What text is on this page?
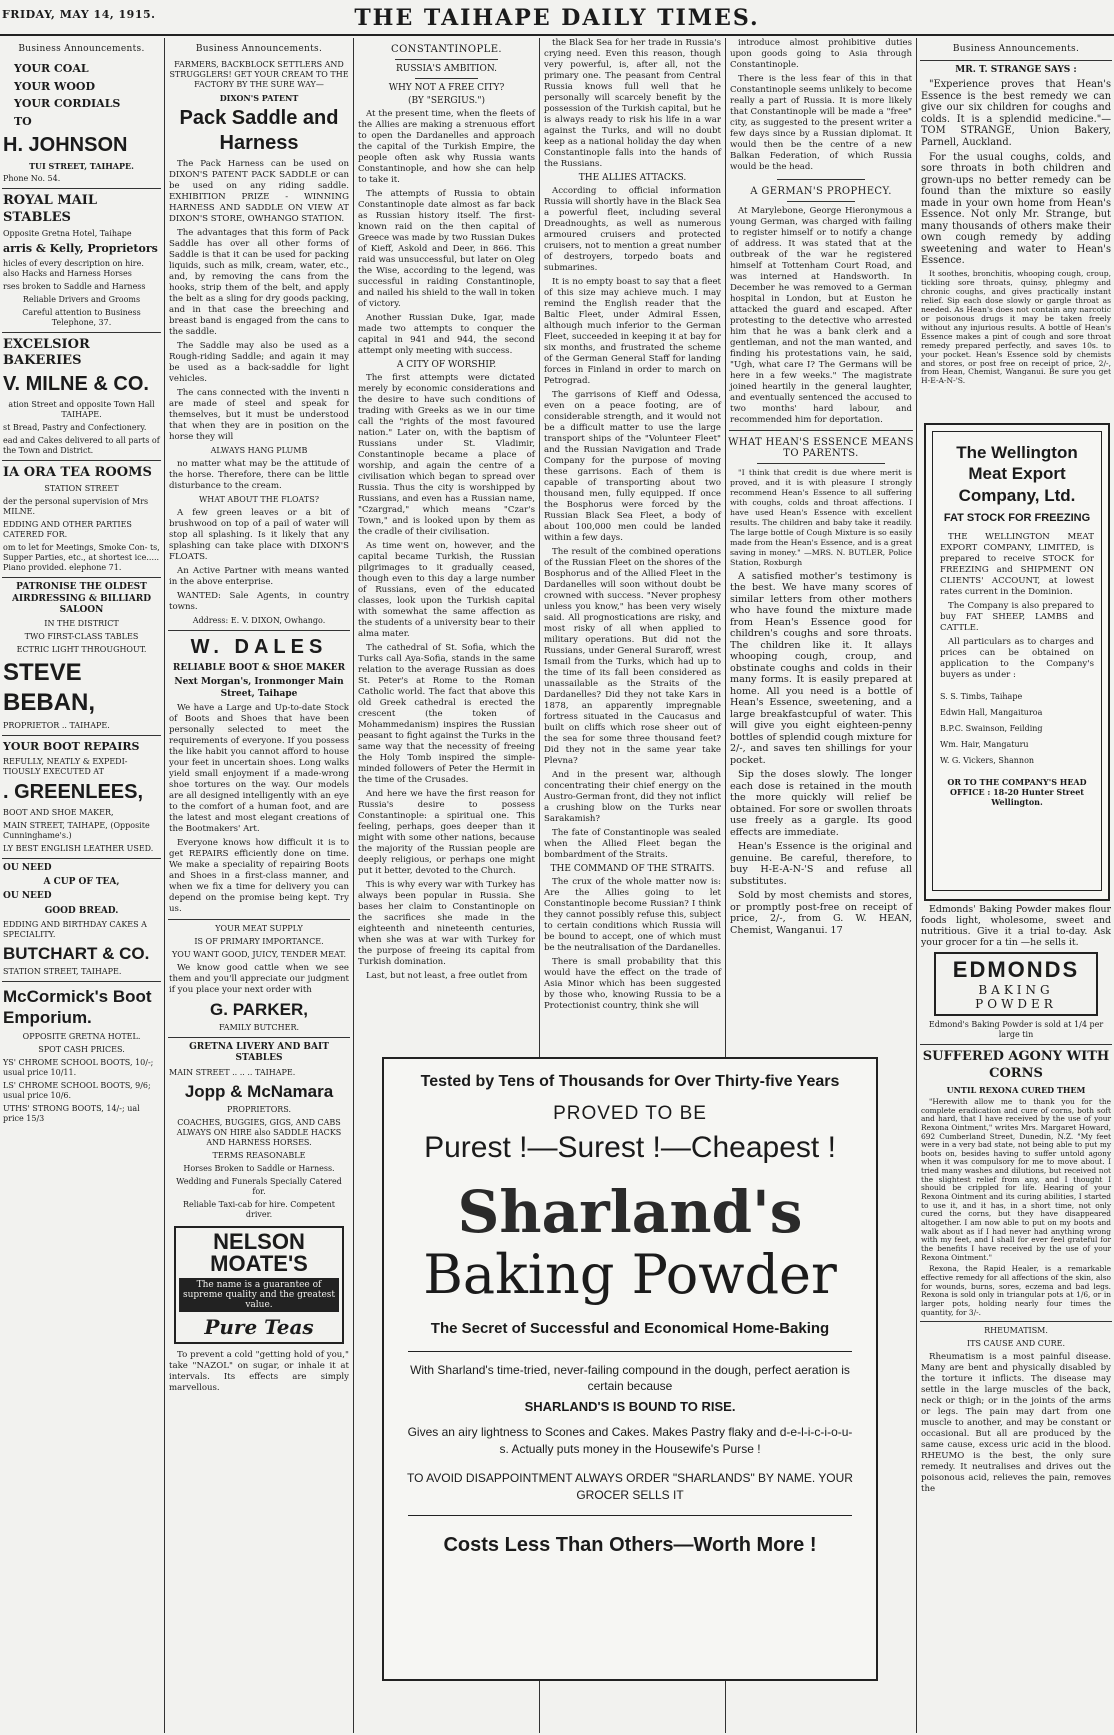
FRIDAY, MAY 14, 1915.	THE TAIHAPE DAILY TIMES.
Business Announcements.
YOUR COAL
YOUR WOOD
YOUR CORDIALS
TO
H. JOHNSON
TUI STREET, TAIHAPE.
Phone No. 54.
ROYAL MAIL STABLES
Opposite Gretna Hotel, Taihape
arris & Kelly, Proprietors
hicles of every description on hire. also Hacks and Harness Horses
rses broken to Saddle and Harness
Reliable Drivers and Grooms
Careful attention to Business Telephone, 37.
EXCELSIOR BAKERIES
V. MILNE & CO.
ation Street and opposite Town Hall TAIHAPE.
st Bread, Pastry and Confectionery.
ead and Cakes delivered to all parts of the Town and District.
IA ORA TEA ROOMS
STATION STREET
der the personal supervision of Mrs MILNE.
EDDING AND OTHER PARTIES CATERED FOR.
om to let for Meetings, Smoke Con- ts, Supper Parties, etc., at shortest ice..... Piano provided. elephone 71.
PATRONISE THE OLDEST AIRDRESSING & BILLIARD SALOON
IN THE DISTRICT
TWO FIRST-CLASS TABLES
ECTRIC LIGHT THROUGHOUT.
STEVE BEBAN,
PROPRIETOR .. TAIHAPE.
YOUR BOOT REPAIRS
REFULLY, NEATLY & EXPEDI- TIOUSLY EXECUTED AT
. GREENLEES,
BOOT AND SHOE MAKER,
MAIN STREET, TAIHAPE, (Opposite Cunninghame's.)
LY BEST ENGLISH LEATHER USED.
OU NEED
A CUP OF TEA,
OU NEED
GOOD BREAD.
EDDING AND BIRTHDAY CAKES A SPECIALITY.
BUTCHART & CO.
STATION STREET, TAIHAPE.
McCormick's Boot Emporium.
OPPOSITE GRETNA HOTEL.
SPOT CASH PRICES.
YS' CHROME SCHOOL BOOTS, 10/-; usual price 10/11.
LS' CHROME SCHOOL BOOTS, 9/6; usual price 10/6.
UTHS' STRONG BOOTS, 14/-; ual price 15/3
Business Announcements.
FARMERS, BACKBLOCK SETTLERS AND STRUGGLERS! GET YOUR CREAM TO THE FACTORY BY THE SURE WAY—
DIXON'S PATENT
Pack Saddle and Harness
The Pack Harness can be used on DIXON'S PATENT PACK SADDLE or can be used on any riding saddle. EXHIBITION PRIZE - WINNING HARNESS AND SADDLE ON VIEW AT DIXON'S STORE, OWHANGO STATION.
The advantages that this form of Pack Saddle has over all other forms of Saddle is that it can be used for packing liquids, such as milk, cream, water, etc., and, by removing the cans from the hooks, strip them of the belt, and apply the belt as a sling for dry goods packing, and in that case the breeching and breast band is engaged from the cans to the saddle.
The Saddle may also be used as a Rough-riding Saddle; and again it may be used as a back-saddle for light vehicles.
The cans connected with the inventi n are made of steel and speak for themselves, but it must be understood that when they are in position on the horse they will
ALWAYS HANG PLUMB
no matter what may be the attitude of the horse. Therefore, there can be little disturbance to the cream.
WHAT ABOUT THE FLOATS?
A few green leaves or a bit of brushwood on top of a pail of water will stop all splashing. Is it likely that any splashing can take place with DIXON'S FLOATS.
An Active Partner with means wanted in the above enterprise.
WANTED: Sale Agents, in country towns.
Address: E. V. DIXON, Owhango.
W. DALES
RELIABLE BOOT & SHOE MAKER
Next Morgan's, Ironmonger Main Street, Taihape
We have a Large and Up-to-date Stock of Boots and Shoes that have been personally selected to meet the requirements of everyone. If you possess the like habit you cannot afford to house your feet in uncertain shoes. Long walks yield small enjoyment if a made-wrong shoe tortures on the way. Our models are all designed intelligently with an eye to the comfort of a human foot, and are the latest and most elegant creations of the Bootmakers' Art.
Everyone knows how difficult it is to get REPAIRS efficiently done on time. We make a speciality of repairing Boots and Shoes in a first-class manner, and when we fix a time for delivery you can depend on the promise being kept. Try us.
YOUR MEAT SUPPLY
IS OF PRIMARY IMPORTANCE.
YOU WANT GOOD, JUICY, TENDER MEAT.
We know good cattle when we see them and you'll appreciate our judgment if you place your next order with
G. PARKER,
FAMILY BUTCHER.
GRETNA LIVERY AND BAIT STABLES
MAIN STREET .. .. .. TAIHAPE.
Jopp & McNamara
PROPRIETORS.
COACHES, BUGGIES, GIGS, AND CABS ALWAYS ON HIRE also SADDLE HACKS AND HARNESS HORSES.
TERMS REASONABLE
Horses Broken to Saddle or Harness.
Wedding and Funerals Specially Catered for.
Reliable Taxi-cab for hire. Competent driver.
NELSON MOATE'S
The name is a guarantee of supreme quality and the greatest value.
Pure Teas
To prevent a cold "getting hold of you," take "NAZOL" on sugar, or inhale it at intervals. Its effects are simply marvellous.
CONSTANTINOPLE.
RUSSIA'S AMBITION.
WHY NOT A FREE CITY?
(BY "SERGIUS.")
At the present time, when the fleets of the Allies are making a strenuous effort to open the Dardanelles and approach the capital of the Turkish Empire, the people often ask why Russia wants Constantinople, and how she can help to take it.
The attempts of Russia to obtain Constantinople date almost as far back as Russian history itself. The first-known raid on the then capital of Greece was made by two Russian Dukes of Kieff, Askold and Deer, in 866. This raid was unsuccessful, but later on Oleg the Wise, according to the legend, was successful in raiding Constantinople, and nailed his shield to the wall in token of victory.
Another Russian Duke, Igar, made made two attempts to conquer the capital in 941 and 944, the second attempt only meeting with success.
A CITY OF WORSHIP.
The first attempts were dictated merely by economic considerations and the desire to have such conditions of trading with Greeks as we in our time call the "rights of the most favoured nation." Later on, with the baptism of Russians under St. Vladimir, Constantinople became a place of worship, and again the centre of a civilisation which began to spread over Russia. Thus the city is worshipped by Russians, and even has a Russian name, "Czargrad," which means "Czar's Town," and is looked upon by them as the cradle of their civilisation.
As time went on, however, and the capital became Turkish, the Russian pilgrimages to it gradually ceased, though even to this day a large number of Russians, even of the educated classes, look upon the Turkish capital with somewhat the same affection as the students of a university bear to their alma mater.
The cathedral of St. Sofia, which the Turks call Aya-Sofia, stands in the same relation to the average Russian as does St. Peter's at Rome to the Roman Catholic world. The fact that above this old Greek cathedral is erected the crescent (the token of Mohammedanism) inspires the Russian peasant to fight against the Turks in the same way that the necessity of freeing the Holy Tomb inspired the simple-minded followers of Peter the Hermit in the time of the Crusades.
And here we have the first reason for Russia's desire to possess Constantinople: a spiritual one. This feeling, perhaps, goes deeper than it might with some other nations, because the majority of the Russian people are deeply religious, or perhaps one might put it better, devoted to the Church.
This is why every war with Turkey has always been popular in Russia. She bases her claim to Constantinople on the sacrifices she made in the eighteenth and nineteenth centuries, when she was at war with Turkey for the purpose of freeing its capital from Turkish domination.
Last, but not least, a free outlet from
the Black Sea for her trade in Russia's crying need. Even this reason, though very powerful, is, after all, not the primary one. The peasant from Central Russia knows full well that he personally will scarcely benefit by the possession of the Turkish capital, but he is always ready to risk his life in a war against the Turks, and will no doubt keep as a national holiday the day when Constantinople falls into the hands of the Russians.
THE ALLIES ATTACKS.
According to official information Russia will shortly have in the Black Sea a powerful fleet, including several Dreadnoughts, as well as numerous armoured cruisers and protected cruisers, not to mention a great number of destroyers, torpedo boats and submarines.
It is no empty boast to say that a fleet of this size may achieve much. I may remind the English reader that the Baltic Fleet, under Admiral Essen, although much inferior to the German Fleet, succeeded in keeping it at bay for six months, and frustrated the scheme of the German General Staff for landing forces in Finland in order to march on Petrograd.
The garrisons of Kieff and Odessa, even on a peace footing, are of considerable strength, and it would not be a difficult matter to use the large transport ships of the "Volunteer Fleet" and the Russian Navigation and Trade Company for the purpose of moving these garrisons. Each of them is capable of transporting about two thousand men, fully equipped. If once the Bosphorus were forced by the Russian Black Sea Fleet, a body of about 100,000 men could be landed within a few days.
The result of the combined operations of the Russian Fleet on the shores of the Bosphorus and of the Allied Fleet in the Dardanelles will soon without doubt be crowned with success. "Never prophesy unless you know," has been very wisely said. All prognostications are risky, and most risky of all when applied to military operations. But did not the Russians, under General Suraroff, wrest Ismail from the Turks, which had up to the time of its fall been considered as unassailable as the Straits of the Dardanelles? Did they not take Kars in 1878, an apparently impregnable fortress situated in the Caucasus and built on cliffs which rose sheer out of the sea for some three thousand feet? Did they not in the same year take Plevna?
And in the present war, although concentrating their chief energy on the Austro-German front, did they not inflict a crushing blow on the Turks near Sarakamish?
The fate of Constantinople was sealed when the Allied Fleet began the bombardment of the Straits.
THE COMMAND OF THE STRAITS.
The crux of the whole matter now is: Are the Allies going to let Constantinople become Russian? I think they cannot possibly refuse this, subject to certain conditions which Russia will be bound to accept, one of which must be the neutralisation of the Dardanelles.
There is small probability that this would have the effect on the trade of Asia Minor which has been suggested by those who, knowing Russia to be a Protectionist country, think she will
introduce almost prohibitive duties upon goods going to Asia through Constantinople.
There is the less fear of this in that Constantinople seems unlikely to become really a part of Russia. It is more likely that Constantinople will be made a "free" city, as suggested to the present writer a few days since by a Russian diplomat. It would then be the centre of a new Balkan Federation, of which Russia would be the head.
A GERMAN'S PROPHECY.
At Marylebone, George Hieronymous a young German, was charged with failing to register himself or to notify a change of address. It was stated that at the outbreak of the war he registered himself at Tottenham Court Road, and was interned at Handsworth. In December he was removed to a German hospital in London, but at Euston he attacked the guard and escaped. After protesting to the detective who arrested him that he was a bank clerk and a gentleman, and not the man wanted, and finding his protestations vain, he said, "Ugh, what care I? The Germans will be here in a few weeks." The magistrate joined heartily in the general laughter, and eventually sentenced the accused to two months' hard labour, and recommended him for deportation.
WHAT HEAN'S ESSENCE MEANS TO PARENTS.
"I think that credit is due where merit is proved, and it is with pleasure I strongly recommend Hean's Essence to all suffering with coughs, colds and throat affections. I have used Hean's Essence with excellent results. The children and baby take it readily. The large bottle of Cough Mixture is so easily made from the Hean's Essence, and is a great saving in money." —MRS. N. BUTLER, Police Station, Roxburgh
A satisfied mother's testimony is the best. We have many scores of similar letters from other mothers who have found the mixture made from Hean's Essence good for children's coughs and sore throats. The children like it. It allays whooping cough, croup, and obstinate coughs and colds in their many forms. It is easily prepared at home. All you need is a bottle of Hean's Essence, sweetening, and a large breakfastcupful of water. This will give you eight eighteen-penny bottles of splendid cough mixture for 2/-, and saves ten shillings for your pocket.
Sip the doses slowly. The longer each dose is retained in the mouth the more quickly will relief be obtained. For sore or swollen throats use freely as a gargle. Its good effects are immediate.
Hean's Essence is the original and genuine. Be careful, therefore, to buy H-E-A-N-'S and refuse all substitutes.
Sold by most chemists and stores, or promptly post-free on receipt of price, 2/-, from G. W. HEAN, Chemist, Wanganui. 17
Tested by Tens of Thousands for Over Thirty-five Years
PROVED TO BE
Purest !—Surest !—Cheapest !
Sharland's
Baking Powder
The Secret of Successful and Economical Home-Baking
With Sharland's time-tried, never-failing compound in the dough, perfect aeration is certain because
SHARLAND'S IS BOUND TO RISE.
Gives an airy lightness to Scones and Cakes. Makes Pastry flaky and d-e-l-i-c-i-o-u-s. Actually puts money in the Housewife's Purse !
TO AVOID DISAPPOINTMENT ALWAYS ORDER "SHARLANDS" BY NAME. YOUR GROCER SELLS IT
Costs Less Than Others—Worth More !
Business Announcements.
MR. T. STRANGE SAYS :
"Experience proves that Hean's Essence is the best remedy we can give our six children for coughs and colds. It is a splendid medicine."—TOM STRANGE, Union Bakery, Parnell, Auckland.
For the usual coughs, colds, and sore throats in both children and grown-ups no better remedy can be found than the mixture so easily made in your own home from Hean's Essence. Not only Mr. Strange, but many thousands of others make their own cough remedy by adding sweetening and water to Hean's Essence.
It soothes, bronchitis, whooping cough, croup, tickling sore throats, quinsy, phlegmy and chronic coughs, and gives practically instant relief. Sip each dose slowly or gargle throat as needed. As Hean's does not contain any narcotic or poisonous drugs it may be taken freely without any injurious results. A bottle of Hean's Essence makes a pint of cough and sore throat remedy prepared perfectly, and saves 10s. to your pocket. Hean's Essence sold by chemists and stores, or post free on receipt of price, 2/-, from Hean, Chemist, Wanganui. Be sure you get H-E-A-N-'S.
The Wellington Meat Export Company, Ltd.
FAT STOCK FOR FREEZING
THE WELLINGTON MEAT EXPORT COMPANY, LIMITED, is prepared to receive STOCK for FREEZING and SHIPMENT ON CLIENTS' ACCOUNT, at lowest rates current in the Dominion.
The Company is also prepared to buy FAT SHEEP, LAMBS and CATTLE.
All particulars as to charges and prices can be obtained on application to the Company's buyers as under :
S. S. Timbs, Taihape
Edwin Hall, Mangaituroa
B.P.C. Swainson, Feilding
Wm. Hair, Mangaturu
W. G. Vickers, Shannon
OR TO THE COMPANY'S HEAD OFFICE : 18-20 Hunter Street Wellington.
Edmonds' Baking Powder makes flour foods light, wholesome, sweet and nutritious. Give it a trial to-day. Ask your grocer for a tin —he sells it.
EDMONDS
BAKING POWDER
Edmond's Baking Powder is sold at 1/4 per large tin
SUFFERED AGONY WITH CORNS
UNTIL REXONA CURED THEM
"Herewith allow me to thank you for the complete eradication and cure of corns, both soft and hard, that I have received by the use of your Rexona Ointment," writes Mrs. Margaret Howard, 692 Cumberland Street, Dunedin, N.Z. "My feet were in a very bad state, not being able to put my boots on, besides having to suffer untold agony when it was compulsory for me to move about. I tried many washes and dilutions, but received not the slightest relief from any, and I thought I should be crippled for life. Hearing of your Rexona Ointment and its curing abilities, I started to use it, and it has, in a short time, not only cured the corns, but they have disappeared altogether. I am now able to put on my boots and walk about as if I had never had anything wrong with my feet, and I shall for ever feel grateful for the benefits I have received by the use of your Rexona Ointment."
Rexona, the Rapid Healer, is a remarkable effective remedy for all affections of the skin, also for wounds, burns, sores, eczema and bad legs. Rexona is sold only in triangular pots at 1/6, or in larger pots, holding nearly four times the quantity, for 3/-.
RHEUMATISM.
ITS CAUSE AND CURE.
Rheumatism is a most painful disease. Many are bent and physically disabled by the torture it inflicts. The disease may settle in the large muscles of the back, neck or thigh; or in the joints of the arms or legs. The pain may dart from one muscle to another, and may be constant or occasional. But all are produced by the same cause, excess uric acid in the blood. RHEUMO is the best, the only sure remedy. It neutralises and drives out the poisonous acid, relieves the pain, removes the
